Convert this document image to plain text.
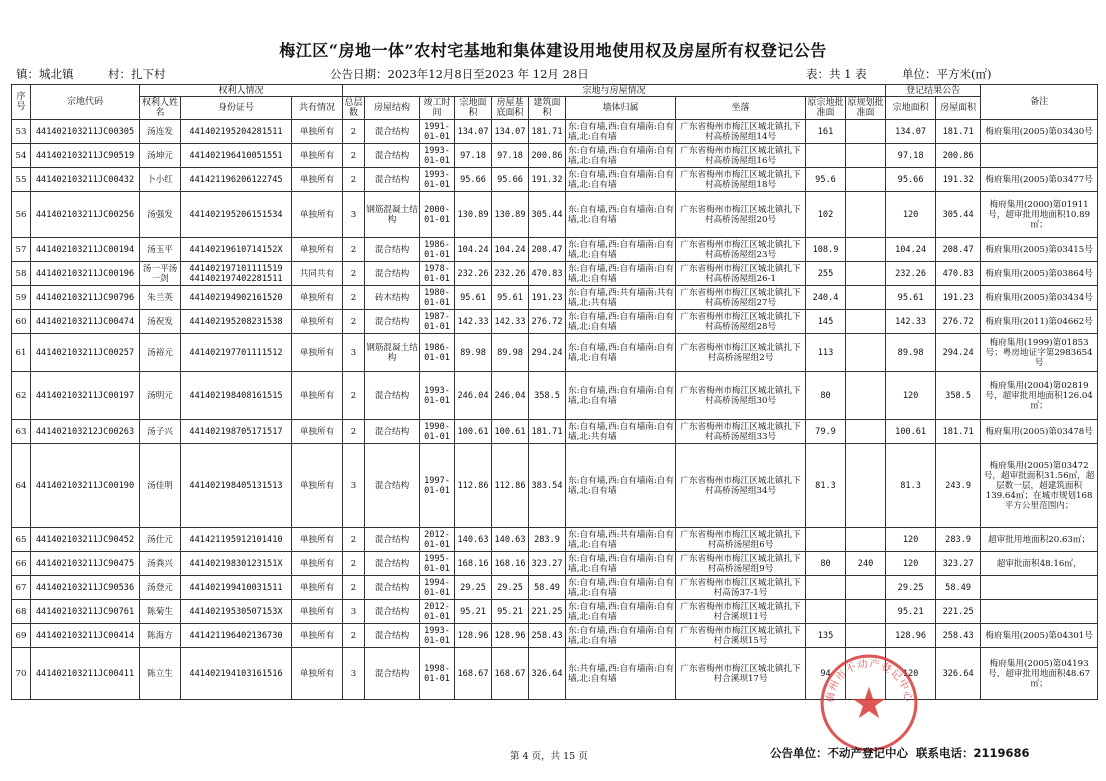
梅江区“房地一体”农村宅基地和集体建设用地使用权及房屋所有权登记公告
镇：城北镇	村：扎下村	公告日期：2023年12月8日至2023 年 12月 28日	表：共 1 表	单位：平方米(㎡)
序号	宗地代码	权利人情况			宗地与房屋情况										登记结果公告		备注
		权利人姓名	身份证号	共有情况	总层数	房屋结构	竣工时间	宗地面积	房屋基底面积	建筑面积	墙体归属	坐落	原宗地批准面	原规划批准面	宗地面积	房屋面积	
53	441402103211JC00305	汤连发	441402195204281511	单独所有	2	混合结构	1991-01-01	134.07	134.07	181.71	东:自有墙,西:自有墙南:自有墙,北:自有墙	广东省梅州市梅江区城北镇扎下村高桥汤屋组14号	161		134.07	181.71	梅府集用(2005)第03430号
54	441402103211JC90519	汤坤元	441402196410051551	单独所有	2	混合结构	1993-01-01	97.18	97.18	200.86	东:自有墙,西:自有墙南:自有墙,北:自有墙	广东省梅州市梅江区城北镇扎下村高桥汤屋组16号			97.18	200.86	
55	441402103211JC00432	卜小红	441421196206122745	单独所有	2	混合结构	1993-01-01	95.66	95.66	191.32	东:自有墙,西:自有墙南:自有墙,北:自有墙	广东省梅州市梅江区城北镇扎下村高桥汤屋组18号	95.6		95.66	191.32	梅府集用(2005)第03477号
56	441402103211JC00256	汤强发	441402195206151534	单独所有	3	钢筋混凝土结构	2000-01-01	130.89	130.89	305.44	东:自有墙,西:自有墙南:自有墙,北:自有墙	广东省梅州市梅江区城北镇扎下村高桥汤屋组20号	102		120	305.44	梅府集用(2000)第01911号，超审批用地面积10.89㎡；
57	441402103211JC00194	汤玉平	44140219610714152X	单独所有	2	混合结构	1986-01-01	104.24	104.24	208.47	东:自有墙,西:自有墙南:自有墙,北:自有墙	广东省梅州市梅江区城北镇扎下村高桥汤屋组23号	108.9		104.24	208.47	梅府集用(2005)第03415号
58	441402103211JC00196	汤一平汤一剑	441402197101111519 441402197402281511	共同共有	2	混合结构	1978-01-01	232.26	232.26	470.83	东:自有墙,西:自有墙南:自有墙,北:自有墙	广东省梅州市梅江区城北镇扎下村高桥汤屋组26-1	255		232.26	470.83	梅府集用(2005)第03864号
59	441402103211JC90796	朱兰英	441402194902161520	单独所有	2	砖木结构	1980-01-01	95.61	95.61	191.23	东:自有墙,西:共有墙南:共有墙,北:共有墙	广东省梅州市梅江区城北镇扎下村高桥汤屋组27号	240.4		95.61	191.23	梅府集用(2005)第03434号
60	441402103211JC00474	汤祝发	441402195208231538	单独所有	2	混合结构	1987-01-01	142.33	142.33	276.72	东:自有墙,西:自有墙南:自有墙,北:自有墙	广东省梅州市梅江区城北镇扎下村高桥汤屋组28号	145		142.33	276.72	梅府集用(2011)第04662号
61	441402103211JC00257	汤裕元	441402197701111512	单独所有	3	钢筋混凝土结构	1986-01-01	89.98	89.98	294.24	东:自有墙,西:自有墙南:自有墙,北:自有墙	广东省梅州市梅江区城北镇扎下村高桥汤屋组2号	113		89.98	294.24	梅府集用(1999)第01853号；粤房地证字第2983654号
62	441402103211JC00197	汤明元	441402198408161515	单独所有	2	混合结构	1993-01-01	246.04	246.04	358.5	东:自有墙,西:自有墙南:自有墙,北:自有墙	广东省梅州市梅江区城北镇扎下村高桥汤屋组30号	80		120	358.5	梅府集用(2004)第02819号，超审批用地面积126.04㎡；
63	441402103212JC00263	汤子兴	441402198705171517	单独所有	2	混合结构	1990-01-01	100.61	100.61	181.71	东:自有墙,西:自有墙南:自有墙,北:共有墙	广东省梅州市梅江区城北镇扎下村高桥汤屋组33号	79.9		100.61	181.71	梅府集用(2005)第03478号
64	441402103211JC00190	汤佳明	441402198405131513	单独所有	3	混合结构	1997-01-01	112.86	112.86	383.54	东:自有墙,西:自有墙南:自有墙,北:自有墙	广东省梅州市梅江区城北镇扎下村高桥汤屋组34号	81.3		81.3	243.9	梅府集用(2005)第03472号，超审批面积31.56㎡，超层数一层，超建筑面积139.64㎡；在城市规划168平方公里范围内；
65	441402103211JC90452	汤仕元	441421195912101410	单独所有	2	混合结构	2012-01-01	140.63	140.63	283.9	东:自有墙,西:共有墙南:自有墙,北:自有墙	广东省梅州市梅江区城北镇扎下村高桥汤屋组6号			120	283.9	超审批用地面积20.63㎡；
66	441402103211JC90475	汤粪兴	44140219830123151X	单独所有	2	混合结构	1995-01-01	168.16	168.16	323.27	东:自有墙,西:自有墙南:自有墙,北:自有墙	广东省梅州市梅江区城北镇扎下村高桥汤屋组9号	80	240	120	323.27	超审批面积48.16㎡，
67	441402103211JC90536	汤登元	441402199410031511	单独所有	2	混合结构	1994-01-01	29.25	29.25	58.49	东:自有墙,西:自有墙南:自有墙,北:自有墙	广东省梅州市梅江区城北镇扎下村高汤37-1号			29.25	58.49	
68	441402103211JC90761	陈菊生	44140219530507153X	单独所有	3	混合结构	2012-01-01	95.21	95.21	221.25	东:自有墙,西:自有墙南:自有墙,北:自有墙	广东省梅州市梅江区城北镇扎下村合溪坝11号			95.21	221.25	
69	441402103211JC00414	陈海方	441421196402136730	单独所有	2	混合结构	1993-01-01	128.96	128.96	258.43	东:自有墙,西:自有墙南:自有墙,北:自有墙	广东省梅州市梅江区城北镇扎下村合溪坝15号	135		128.96	258.43	梅府集用(2005)第04301号
70	441402103211JC00411	陈立生	441402194103161516	单独所有	3	混合结构	1998-01-01	168.67	168.67	326.64	东:共有墙,西:自有墙南:自有墙,北:自有墙	广东省梅州市梅江区城北镇扎下村合溪坝17号	94		120	326.64	梅府集用(2005)第04193号，超审批用地面积48.67㎡；
梅州市不动产登记中心
第 4 页，共 15 页	公告单位：不动产登记中心 联系电话：2119686
